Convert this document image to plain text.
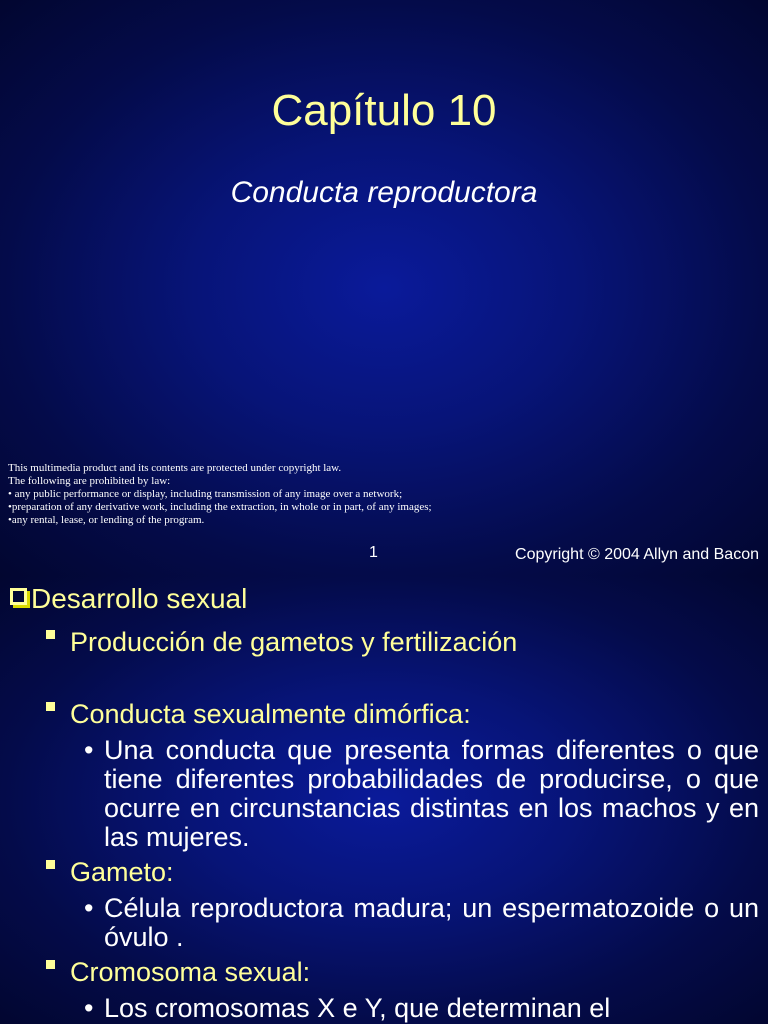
Capítulo 10
Conducta reproductora
This multimedia product and its contents are protected under copyright law.
The following are prohibited by law:
• any public performance or display, including transmission of any image over a network;
•preparation of any derivative work, including the extraction, in whole or in part, of any images;
•any rental, lease, or lending of the program.
1	Copyright © 2004 Allyn and Bacon
Desarrollo sexual
Producción de gametos y fertilización
Conducta sexualmente dimórfica:
• Una conducta que presenta formas diferentes o que tiene diferentes probabilidades de producirse, o que ocurre en circunstancias distintas en los machos y en las mujeres.
Gameto:
• Célula reproductora madura; un espermatozoide o un óvulo .
Cromosoma sexual:
• Los cromosomas X e Y, que determinan el
